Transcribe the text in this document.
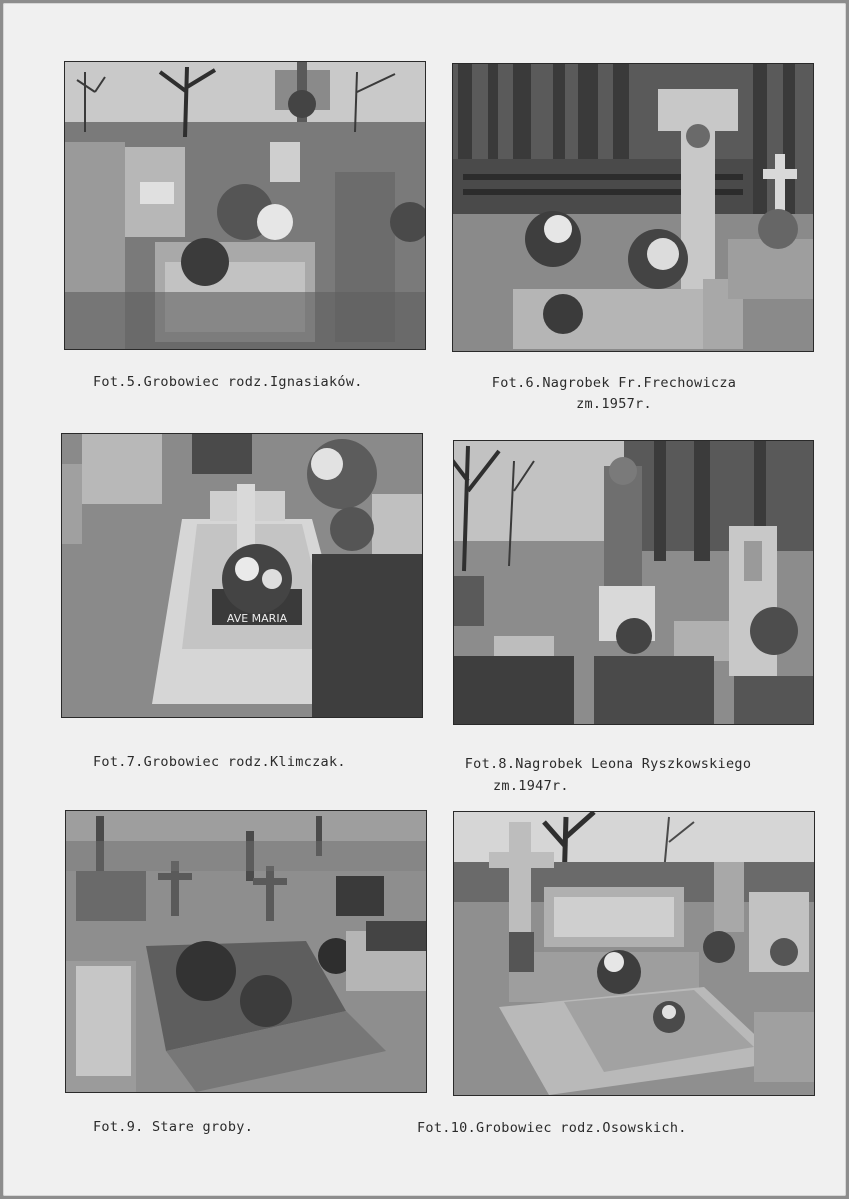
Fot.5.Grobowiec rodz.Ignasiaków.	Fot.6.Nagrobek Fr.Frechowicza
zm.1957r.
AVE MARIA
Fot.7.Grobowiec rodz.Klimczak.	Fot.8.Nagrobek Leona Ryszkowskiego
zm.1947r.
Fot.9. Stare groby.	Fot.10.Grobowiec rodz.Osowskich.
